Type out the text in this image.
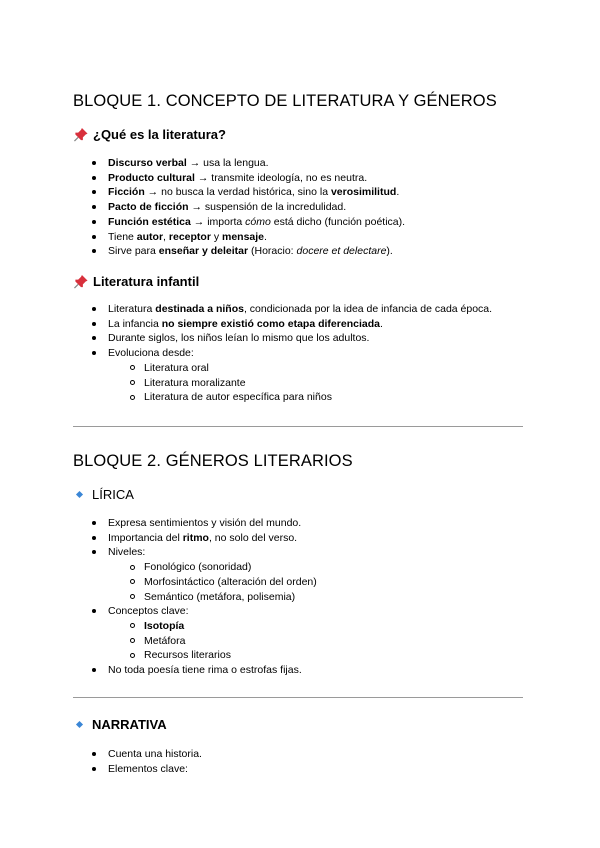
BLOQUE 1. CONCEPTO DE LITERATURA Y GÉNEROS
¿Qué es la literatura?
Discurso verbal → usa la lengua.
Producto cultural → transmite ideología, no es neutra.
Ficción → no busca la verdad histórica, sino la verosimilitud.
Pacto de ficción → suspensión de la incredulidad.
Función estética → importa cómo está dicho (función poética).
Tiene autor, receptor y mensaje.
Sirve para enseñar y deleitar (Horacio: docere et delectare).
Literatura infantil
Literatura destinada a niños, condicionada por la idea de infancia de cada época.
La infancia no siempre existió como etapa diferenciada.
Durante siglos, los niños leían lo mismo que los adultos.
Evoluciona desde:
Literatura oral
Literatura moralizante
Literatura de autor específica para niños
BLOQUE 2. GÉNEROS LITERARIOS
LÍRICA
Expresa sentimientos y visión del mundo.
Importancia del ritmo, no solo del verso.
Niveles:
Fonológico (sonoridad)
Morfosintáctico (alteración del orden)
Semántico (metáfora, polisemia)
Conceptos clave:
Isotopía
Metáfora
Recursos literarios
No toda poesía tiene rima o estrofas fijas.
NARRATIVA
Cuenta una historia.
Elementos clave:
